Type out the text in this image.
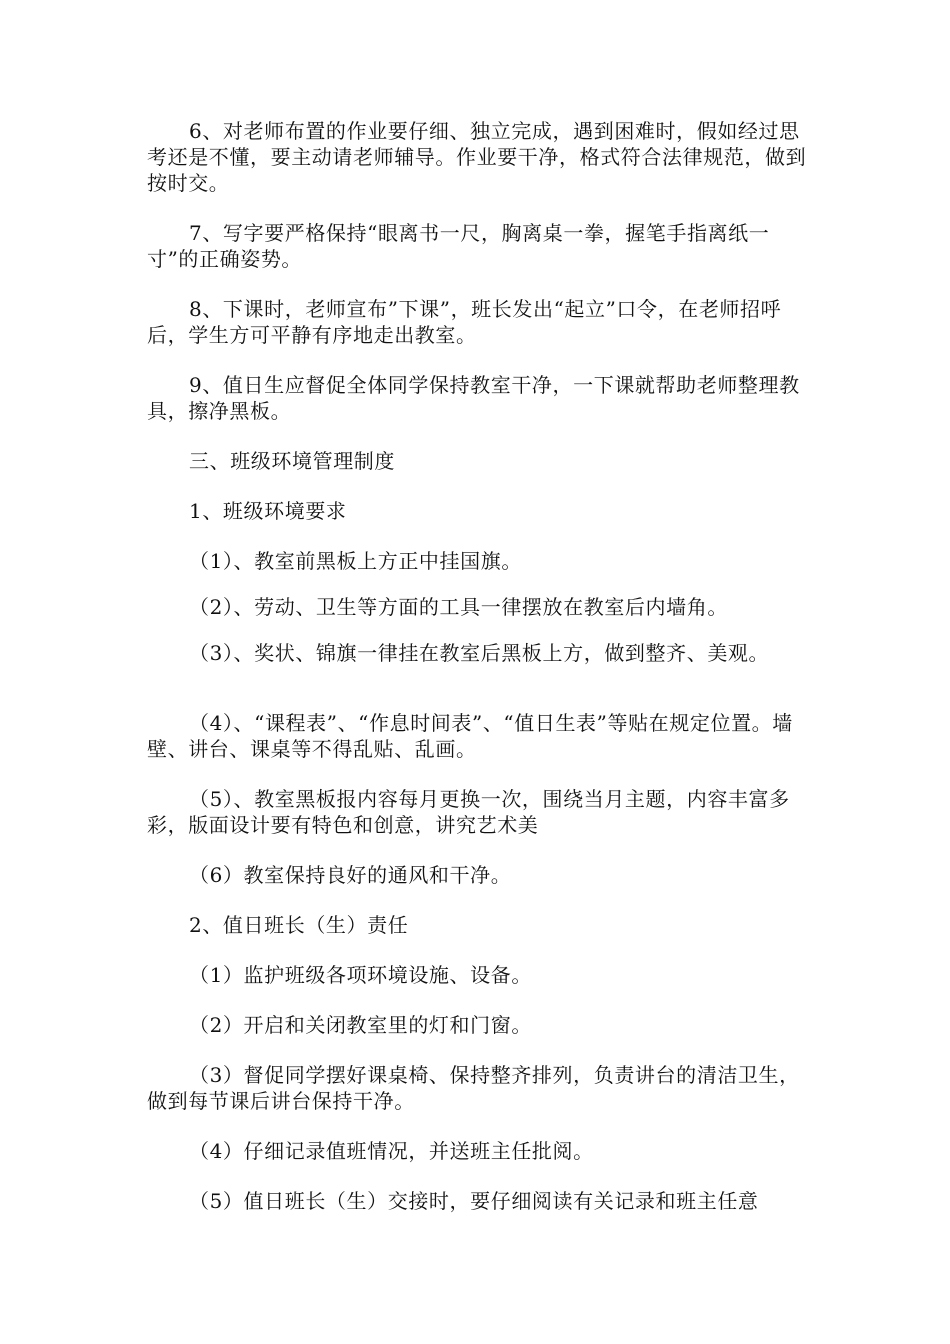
6、对老师布置的作业要仔细、独立完成，遇到困难时，假如经过思考还是不懂，要主动请老师辅导。作业要干净，格式符合法律规范，做到按时交。

7、写字要严格保持“眼离书一尺，胸离桌一拳，握笔手指离纸一寸”的正确姿势。

8、下课时，老师宣布”下课”，班长发出“起立”口令，在老师招呼后，学生方可平静有序地走出教室。

9、值日生应督促全体同学保持教室干净，一下课就帮助老师整理教具，擦净黑板。

三、班级环境管理制度

1、班级环境要求

（1）、教室前黑板上方正中挂国旗。

（2）、劳动、卫生等方面的工具一律摆放在教室后内墙角。

（3）、奖状、锦旗一律挂在教室后黑板上方，做到整齐、美观。

（4）、“课程表”、“作息时间表”、“值日生表”等贴在规定位置。墙壁、讲台、课桌等不得乱贴、乱画。

（5）、教室黑板报内容每月更换一次，围绕当月主题，内容丰富多彩，版面设计要有特色和创意，讲究艺术美

（6）教室保持良好的通风和干净。

2、值日班长（生）责任

（1）监护班级各项环境设施、设备。

（2）开启和关闭教室里的灯和门窗。

（3）督促同学摆好课桌椅、保持整齐排列，负责讲台的清洁卫生，做到每节课后讲台保持干净。

（4）仔细记录值班情况，并送班主任批阅。

（5）值日班长（生）交接时，要仔细阅读有关记录和班主任意
